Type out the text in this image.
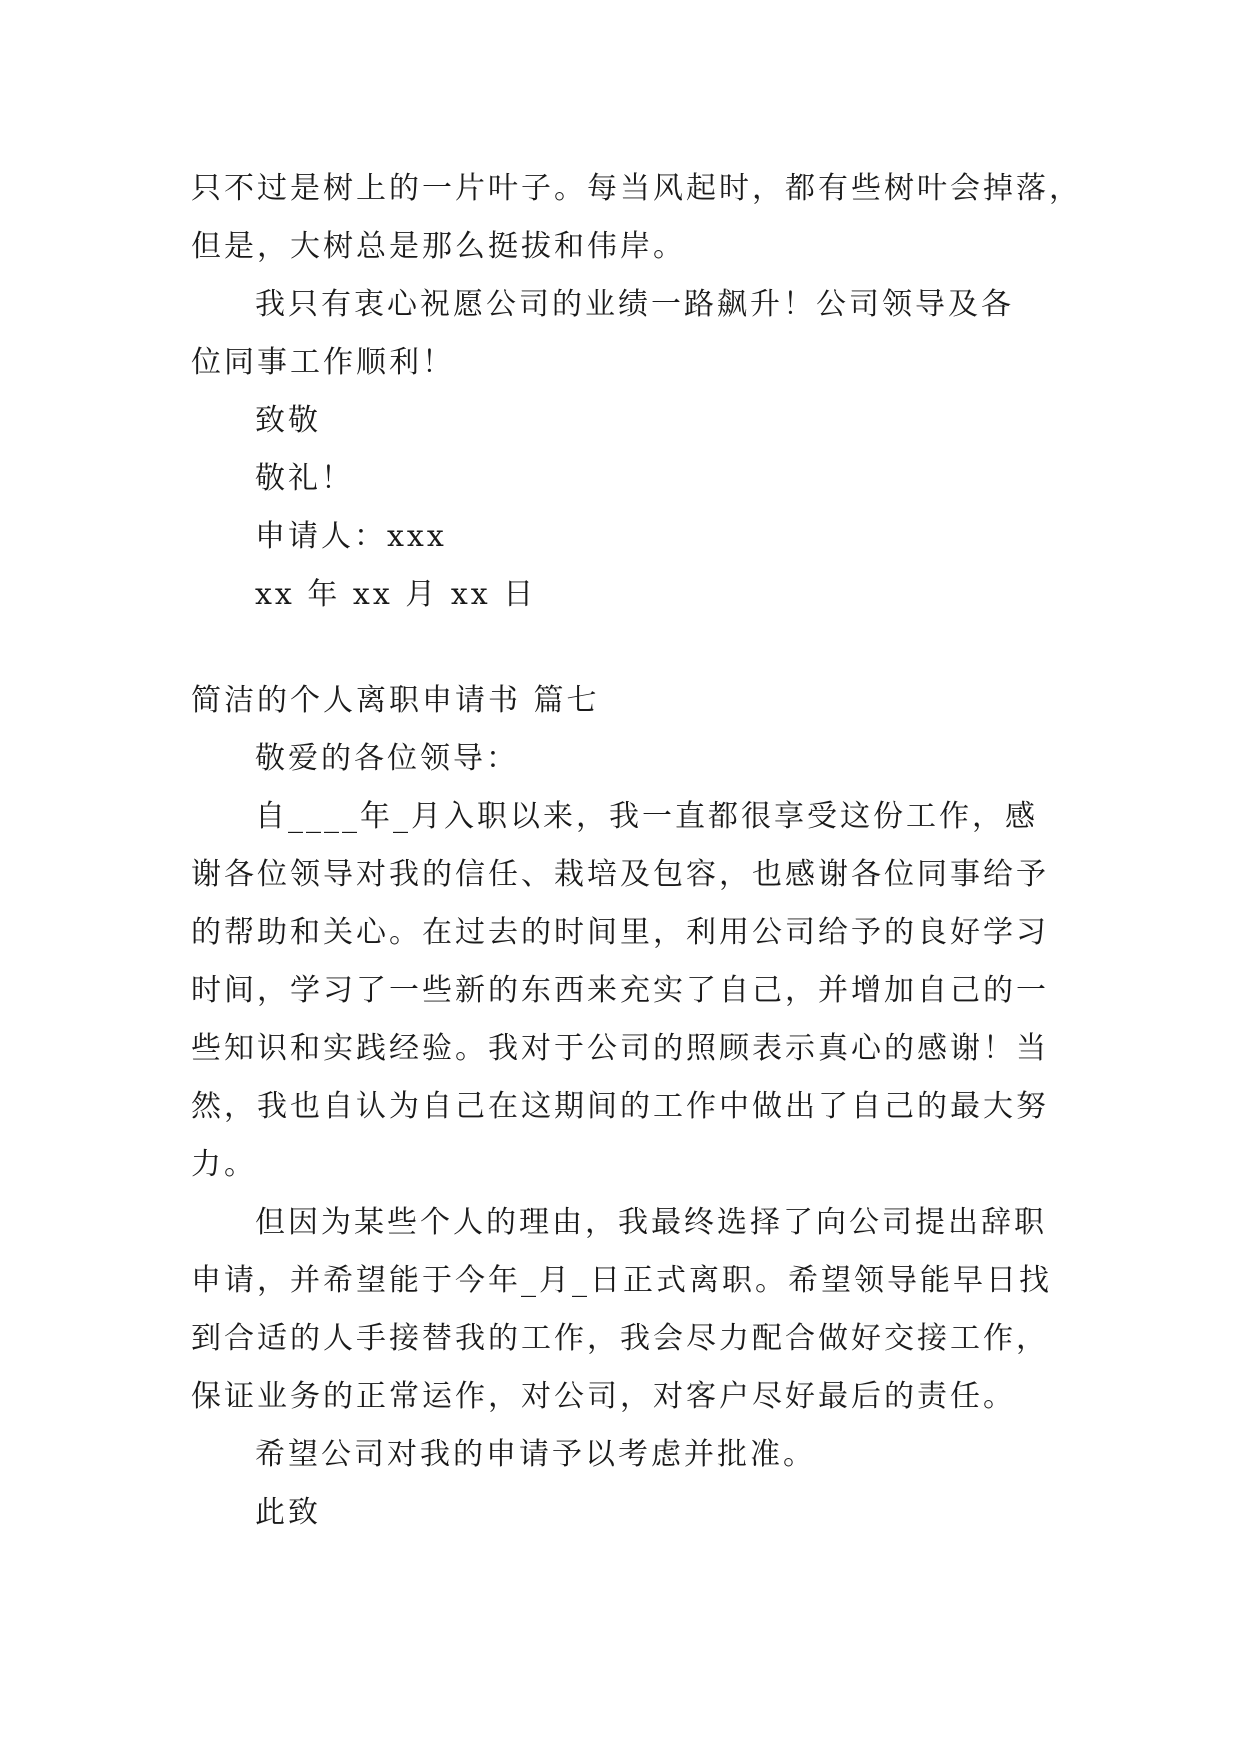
只不过是树上的一片叶子。每当风起时，都有些树叶会掉落，
但是，大树总是那么挺拔和伟岸。
我只有衷心祝愿公司的业绩一路飙升！公司领导及各
位同事工作顺利！
致敬
敬礼！
申请人：xxx
xx 年 xx 月 xx 日
简洁的个人离职申请书 篇七
敬爱的各位领导：
自____年_月入职以来，我一直都很享受这份工作，感
谢各位领导对我的信任、栽培及包容，也感谢各位同事给予
的帮助和关心。在过去的时间里，利用公司给予的良好学习
时间，学习了一些新的东西来充实了自己，并增加自己的一
些知识和实践经验。我对于公司的照顾表示真心的感谢！当
然，我也自认为自己在这期间的工作中做出了自己的最大努
力。
但因为某些个人的理由，我最终选择了向公司提出辞职
申请，并希望能于今年_月_日正式离职。希望领导能早日找
到合适的人手接替我的工作，我会尽力配合做好交接工作，
保证业务的正常运作，对公司，对客户尽好最后的责任。
希望公司对我的申请予以考虑并批准。
此致
